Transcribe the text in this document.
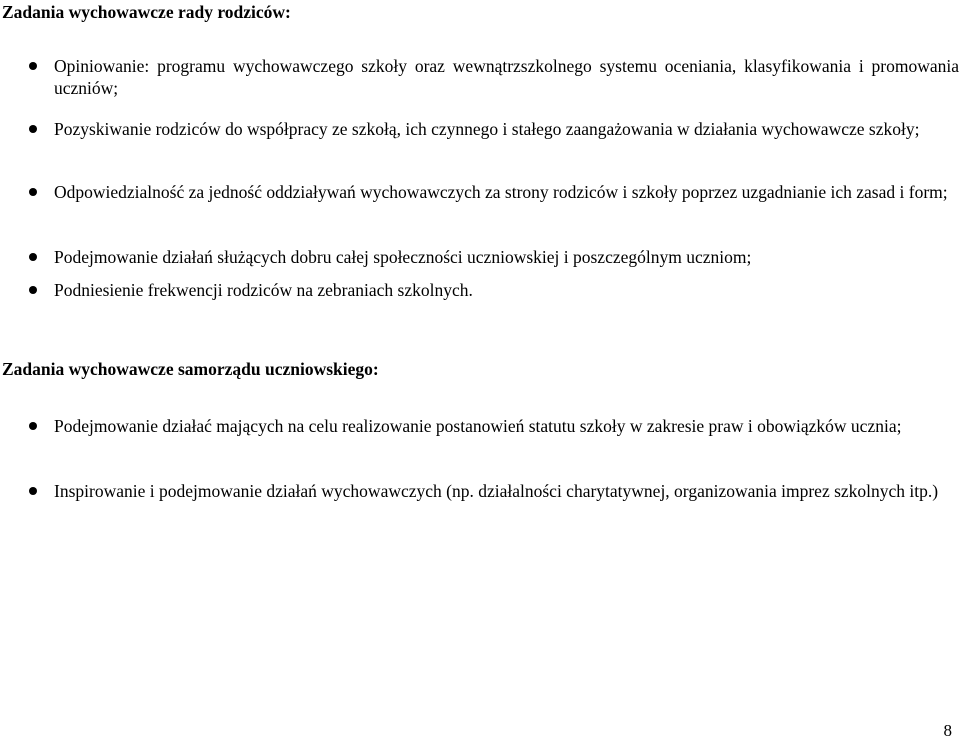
Zadania wychowawcze rady rodziców:

Opiniowanie: programu wychowawczego szkoły oraz wewnątrzszkolnego systemu oceniania, klasyfikowania i promowania uczniów;

Pozyskiwanie rodziców do współpracy ze szkołą, ich czynnego i stałego zaangażowania w działania wychowawcze szkoły;

Odpowiedzialność za jedność oddziaływań wychowawczych za strony rodziców i szkoły poprzez uzgadnianie ich zasad i form;

Podejmowanie działań służących dobru całej społeczności uczniowskiej i poszczególnym uczniom;

Podniesienie frekwencji rodziców na zebraniach szkolnych.

Zadania wychowawcze samorządu uczniowskiego:

Podejmowanie działać mających na celu realizowanie postanowień statutu szkoły w zakresie praw i obowiązków ucznia;

Inspirowanie i podejmowanie działań wychowawczych (np. działalności charytatywnej, organizowania imprez szkolnych itp.)

8
